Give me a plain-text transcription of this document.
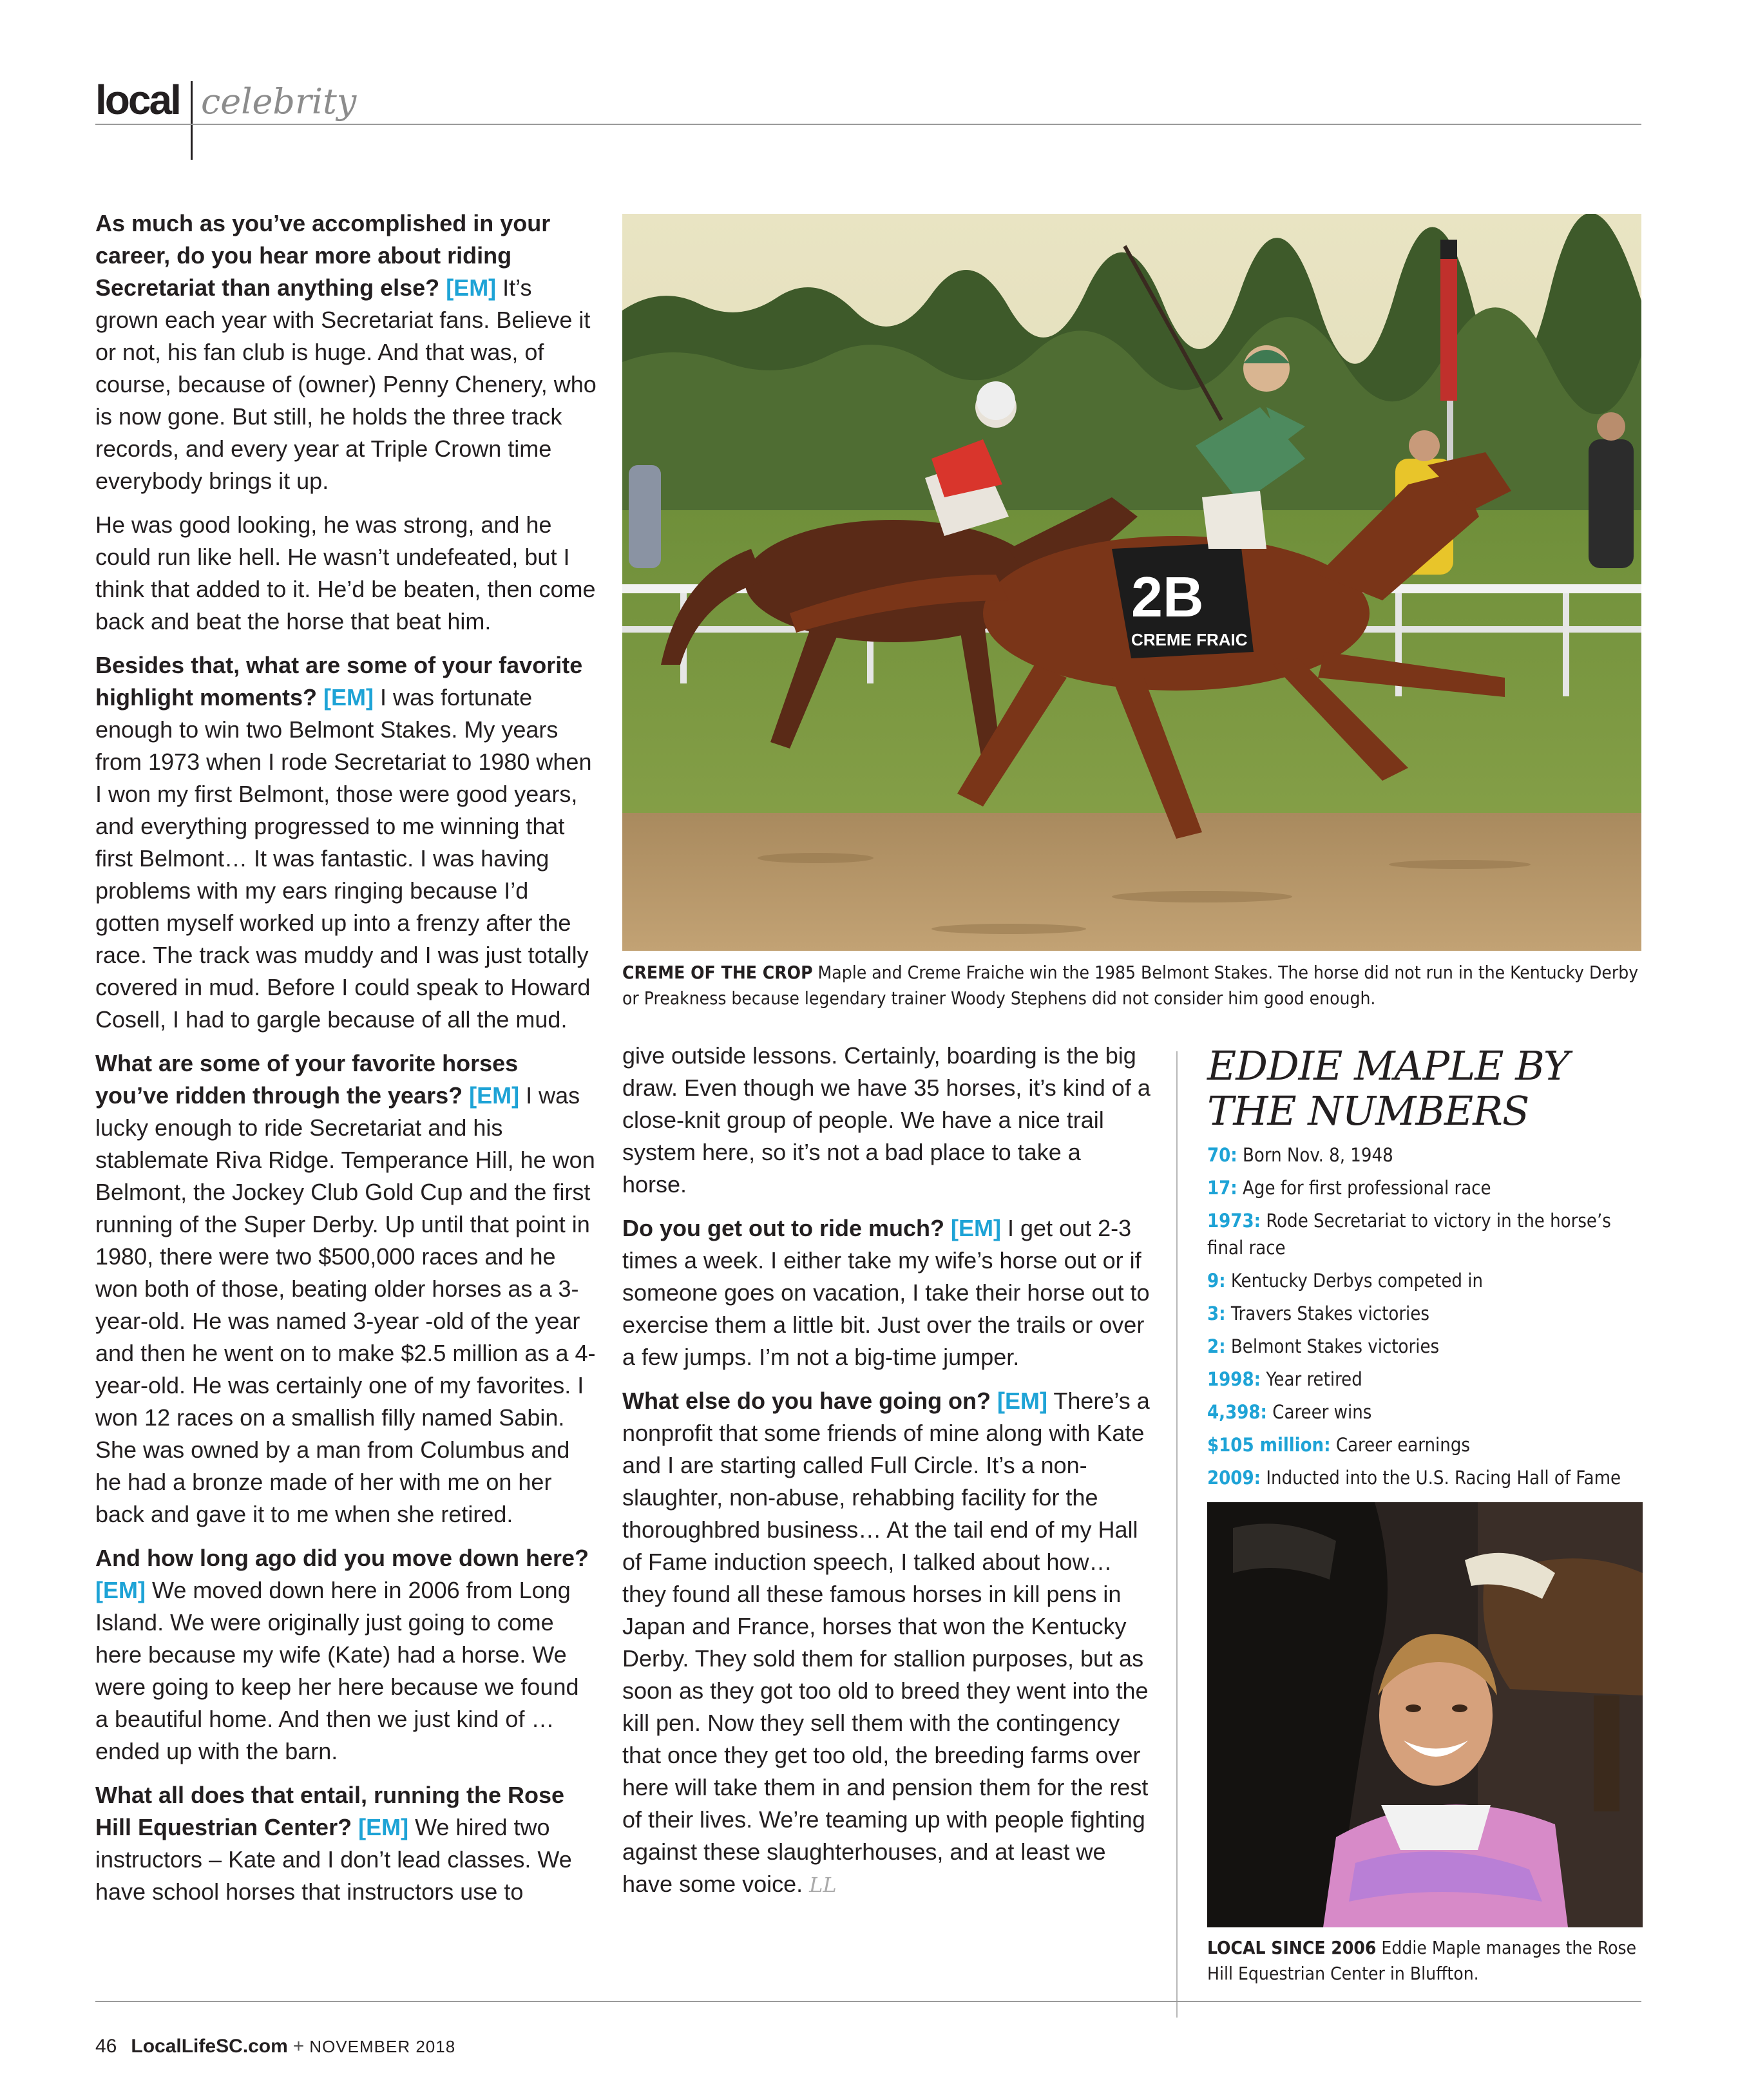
local celebrity

As much as you’ve accomplished in your career, do you hear more about riding Secretariat than anything else? [EM] It’s grown each year with Secretariat fans. Believe it or not, his fan club is huge. And that was, of course, because of (owner) Penny Chenery, who is now gone. But still, he holds the three track records, and every year at Triple Crown time everybody brings it up.

He was good looking, he was strong, and he could run like hell. He wasn’t undefeated, but I think that added to it. He’d be beaten, then come back and beat the horse that beat him.

Besides that, what are some of your favorite highlight moments? [EM] I was fortunate enough to win two Belmont Stakes. My years from 1973 when I rode Secretariat to 1980 when I won my first Belmont, those were good years, and everything progressed to me winning that first Belmont… It was fantastic. I was having problems with my ears ringing because I’d gotten myself worked up into a frenzy after the race. The track was muddy and I was just totally covered in mud. Before I could speak to Howard Cosell, I had to gargle because of all the mud.

What are some of your favorite horses you’ve ridden through the years? [EM] I was lucky enough to ride Secretariat and his stablemate Riva Ridge. Temperance Hill, he won Belmont, the Jockey Club Gold Cup and the first running of the Super Derby. Up until that point in 1980, there were two $500,000 races and he won both of those, beating older horses as a 3-year-old. He was named 3-year -old of the year and then he went on to make $2.5 million as a 4-year-old. He was certainly one of my favorites. I won 12 races on a smallish filly named Sabin. She was owned by a man from Columbus and he had a bronze made of her with me on her back and gave it to me when she retired.

And how long ago did you move down here? [EM] We moved down here in 2006 from Long Island. We were originally just going to come here because my wife (Kate) had a horse. We were going to keep her here because we found a beautiful home. And then we just kind of … ended up with the barn.

What all does that entail, running the Rose Hill Equestrian Center? [EM] We hired two instructors – Kate and I don’t lead classes. We have school horses that instructors use to

2B
CREME FRAIC
CREME OF THE CROP Maple and Creme Fraiche win the 1985 Belmont Stakes. The horse did not run in the Kentucky Derby or Preakness because legendary trainer Woody Stephens did not consider him good enough.

give outside lessons. Certainly, boarding is the big draw. Even though we have 35 horses, it’s kind of a close-knit group of people. We have a nice trail system here, so it’s not a bad place to take a horse.

Do you get out to ride much? [EM] I get out 2-3 times a week. I either take my wife’s horse out or if someone goes on vacation, I take their horse out to exercise them a little bit. Just over the trails or over a few jumps. I’m not a big-time jumper.

What else do you have going on? [EM] There’s a nonprofit that some friends of mine along with Kate and I are starting called Full Circle. It’s a non-slaughter, non-abuse, rehabbing facility for the thoroughbred business… At the tail end of my Hall of Fame induction speech, I talked about how… they found all these famous horses in kill pens in Japan and France, horses that won the Kentucky Derby. They sold them for stallion purposes, but as soon as they got too old to breed they went into the kill pen. Now they sell them with the contingency that once they get too old, the breeding farms over here will take them in and pension them for the rest of their lives. We’re teaming up with people fighting against these slaughterhouses, and at least we have some voice. LL

EDDIE MAPLE BY THE NUMBERS
70: Born Nov. 8, 1948
17: Age for first professional race
1973: Rode Secretariat to victory in the horse’s final race
9: Kentucky Derbys competed in
3: Travers Stakes victories
2: Belmont Stakes victories
1998: Year retired
4,398: Career wins
$105 million: Career earnings
2009: Inducted into the U.S. Racing Hall of Fame
LOCAL SINCE 2006 Eddie Maple manages the Rose Hill Equestrian Center in Bluffton.
46 LocalLifeSC.com + NOVEMBER 2018
